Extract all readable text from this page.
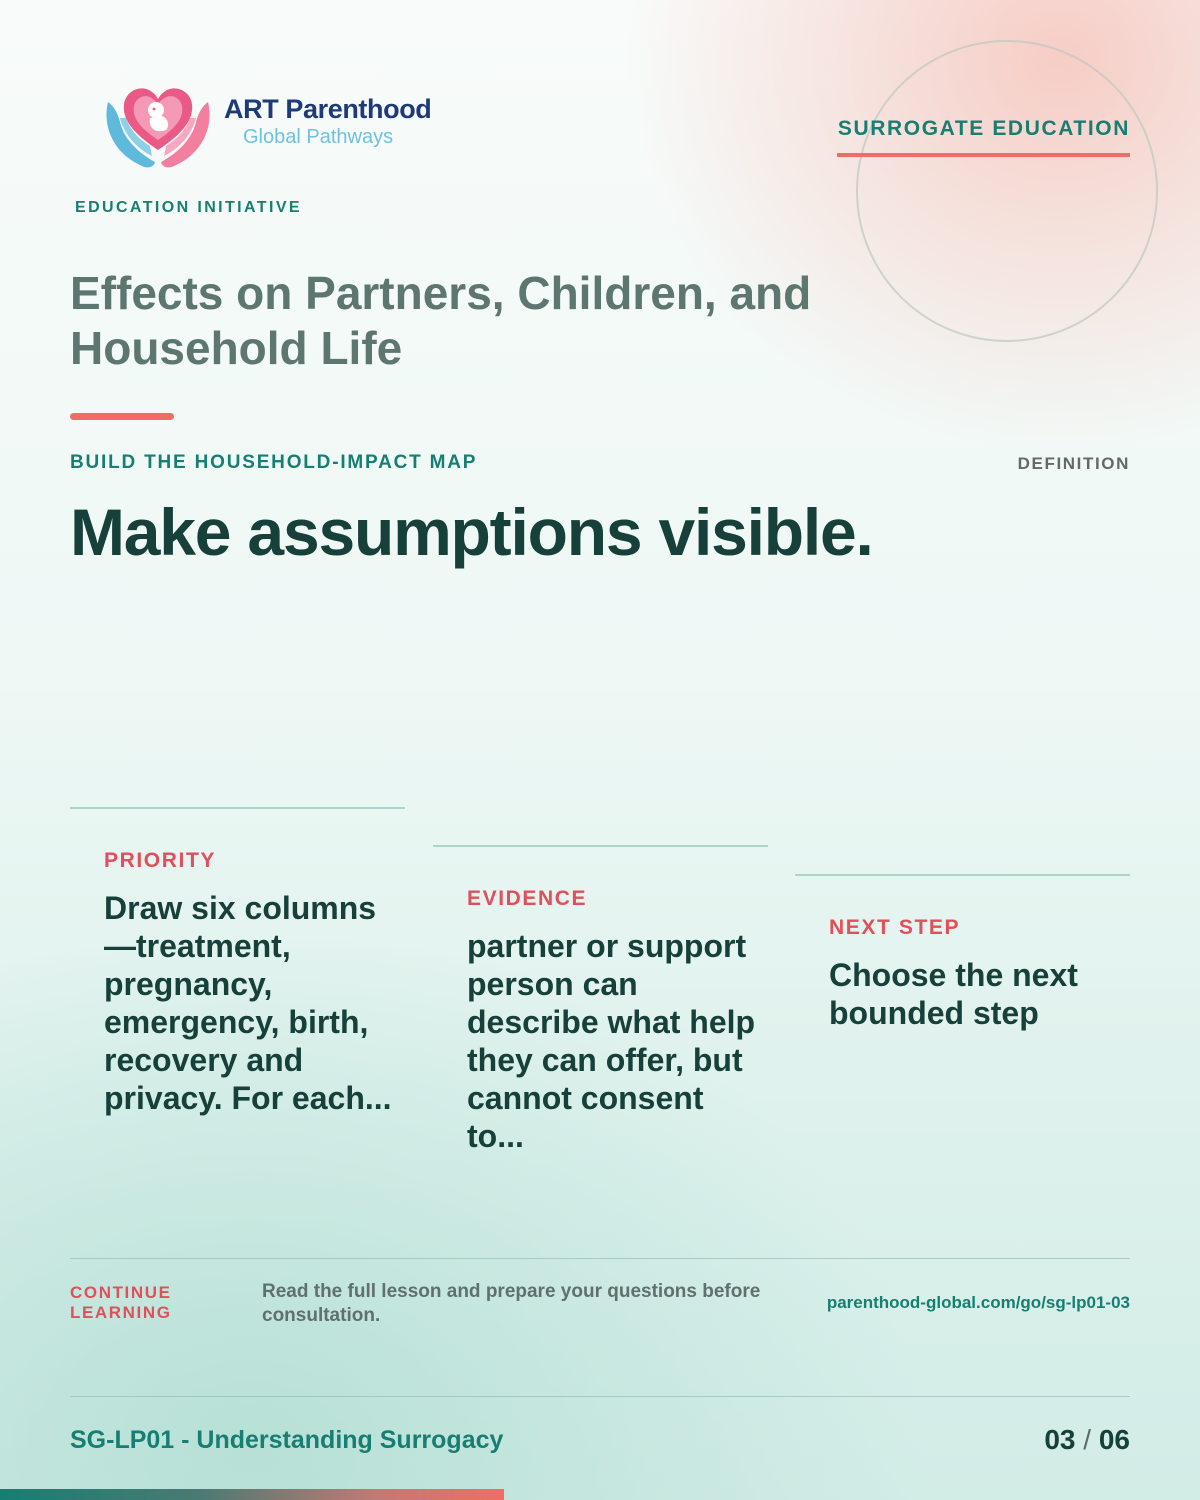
ART Parenthood
Global Pathways
EDUCATION INITIATIVE
SURROGATE EDUCATION
Effects on Partners, Children, and Household Life
BUILD THE HOUSEHOLD-IMPACT MAP	DEFINITION
Make assumptions visible.
PRIORITY
Draw six columns—treatment, pregnancy, emergency, birth, recovery and privacy. For each...
EVIDENCE
partner or support person can describe what help they can offer, but cannot consent to...
NEXT STEP
Choose the next bounded step
CONTINUE LEARNING
Read the full lesson and prepare your questions before consultation.
parenthood-global.com/go/sg-lp01-03
SG-LP01 - Understanding Surrogacy	03 / 06
